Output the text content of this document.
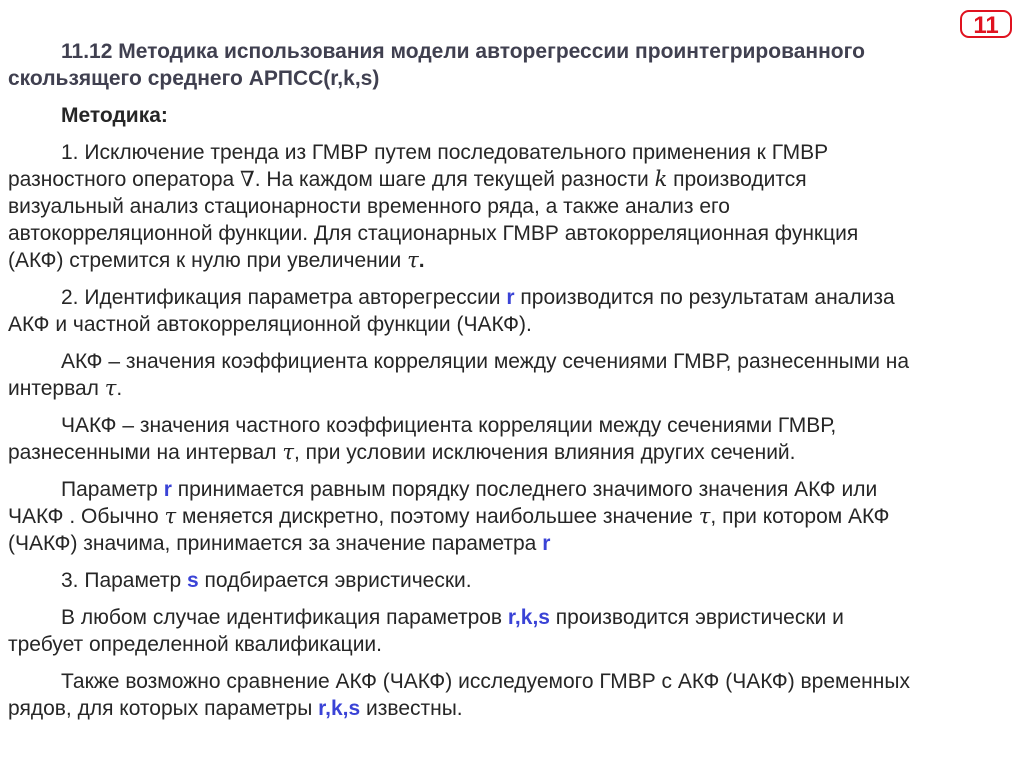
11
11.12 Методика использования модели авторегрессии проинтегрированного
скользящего среднего АРПСС(r,k,s)

Методика:

1. Исключение тренда из ГМВР путем последовательного применения к ГМВР
разностного оператора ∇. На каждом шаге для текущей разности k производится
визуальный анализ стационарности временного ряда, а также анализ его
автокорреляционной функции. Для стационарных ГМВР автокорреляционная функция
(АКФ) стремится к нулю при увеличении τ.

2. Идентификация параметра авторегрессии r производится по результатам анализа
АКФ и частной автокорреляционной функции (ЧАКФ).

АКФ – значения коэффициента корреляции между сечениями ГМВР, разнесенными на
интервал τ.

ЧАКФ – значения частного коэффициента корреляции между сечениями ГМВР,
разнесенными на интервал τ, при условии исключения влияния других сечений.

Параметр r принимается равным порядку последнего значимого значения АКФ или
ЧАКФ . Обычно τ меняется дискретно, поэтому наибольшее значение τ, при котором АКФ
(ЧАКФ) значима, принимается за значение параметра r

3. Параметр s подбирается эвристически.

В любом случае идентификация параметров r,k,s производится эвристически и
требует определенной квалификации.

Также возможно сравнение АКФ (ЧАКФ) исследуемого ГМВР с АКФ (ЧАКФ) временных
рядов, для которых параметры r,k,s известны.
